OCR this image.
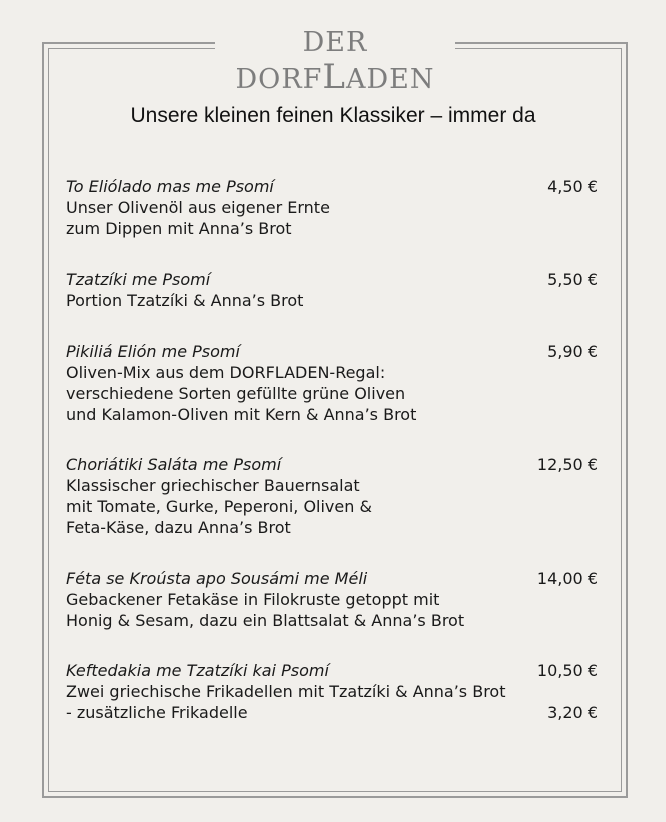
DER DORFLADEN
Unsere kleinen feinen Klassiker – immer da
To Eliólado mas me Psomí
Unser Olivenöl aus eigener Ernte
zum Dippen mit Anna’s Brot
4,50 €
Tzatzíki me Psomí
Portion Tzatzíki & Anna’s Brot
5,50 €
Pikiliá Elión me Psomí
Oliven-Mix aus dem DORFLADEN-Regal:
verschiedene Sorten gefüllte grüne Oliven
und Kalamon-Oliven mit Kern & Anna’s Brot
5,90 €
Choriátiki Saláta me Psomí
Klassischer griechischer Bauernsalat
mit Tomate, Gurke, Peperoni, Oliven &
Feta-Käse, dazu Anna’s Brot
12,50 €
Féta se Kroústa apo Sousámi me Méli
Gebackener Fetakäse in Filokruste getoppt mit
Honig & Sesam, dazu ein Blattsalat & Anna’s Brot
14,00 €
Keftedakia me Tzatzíki kai Psomí
Zwei griechische Frikadellen mit Tzatzíki & Anna’s Brot
- zusätzliche Frikadelle
10,50 €
3,20 €
